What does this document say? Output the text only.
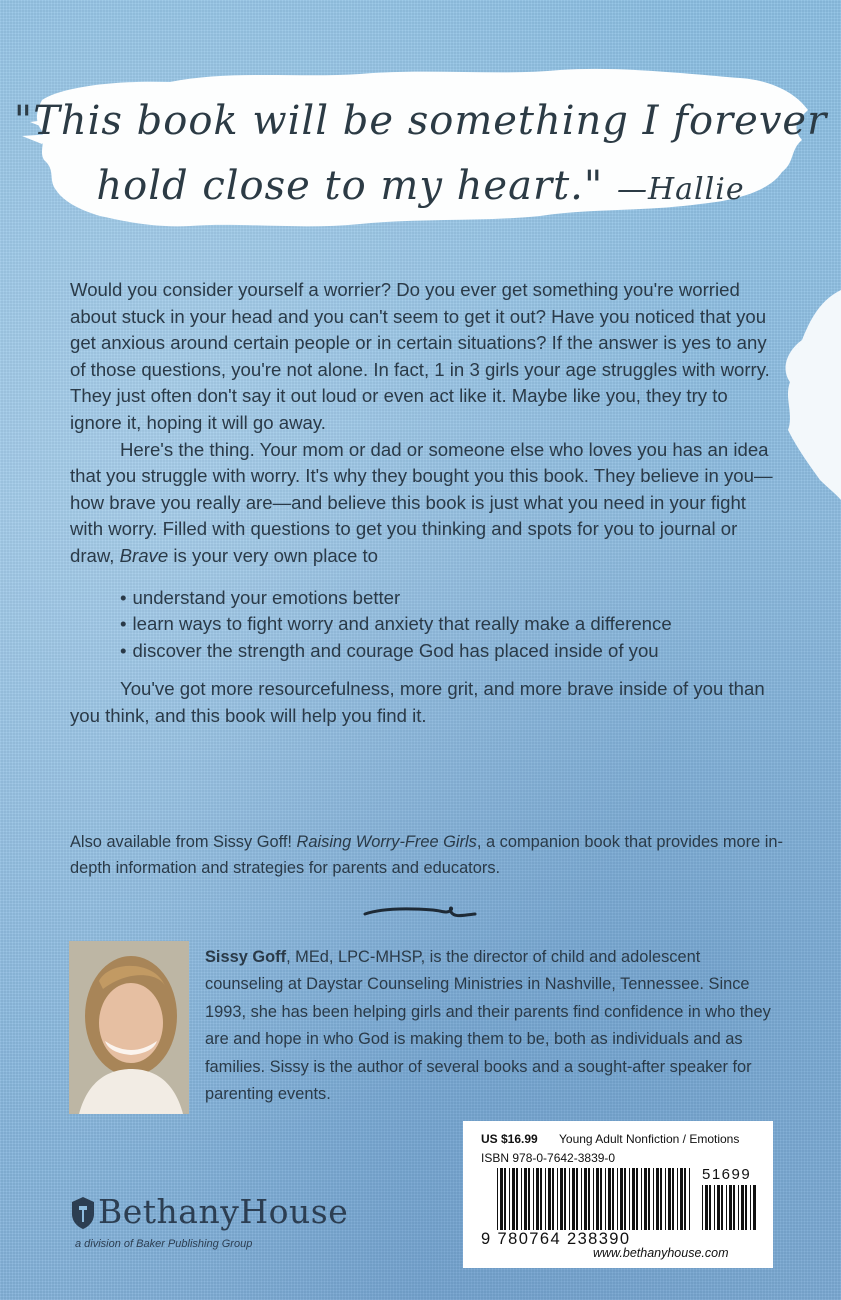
"This book will be something I forever
hold close to my heart." —Hallie
Would you consider yourself a worrier? Do you ever get something you're worried about stuck in your head and you can't seem to get it out? Have you noticed that you get anxious around certain people or in certain situations? If the answer is yes to any of those questions, you're not alone. In fact, 1 in 3 girls your age struggles with worry. They just often don't say it out loud or even act like it. Maybe like you, they try to ignore it, hoping it will go away.
Here's the thing. Your mom or dad or someone else who loves you has an idea that you struggle with worry. It's why they bought you this book. They believe in you—how brave you really are—and believe this book is just what you need in your fight with worry. Filled with questions to get you thinking and spots for you to journal or draw, Brave is your very own place to
• understand your emotions better
• learn ways to fight worry and anxiety that really make a difference
• discover the strength and courage God has placed inside of you
You've got more resourcefulness, more grit, and more brave inside of you than you think, and this book will help you find it.
Also available from Sissy Goff! Raising Worry-Free Girls, a companion book that provides more in-depth information and strategies for parents and educators.
Sissy Goff, MEd, LPC-MHSP, is the director of child and adolescent counseling at Daystar Counseling Ministries in Nashville, Tennessee. Since 1993, she has been helping girls and their parents find confidence in who they are and hope in who God is making them to be, both as individuals and as families. Sissy is the author of several books and a sought-after speaker for parenting events.
BethanyHouse
a division of Baker Publishing Group
US $16.99 Young Adult Nonfiction / Emotions
ISBN 978-0-7642-3839-0
51699
9 780764 238390
www.bethanyhouse.com
